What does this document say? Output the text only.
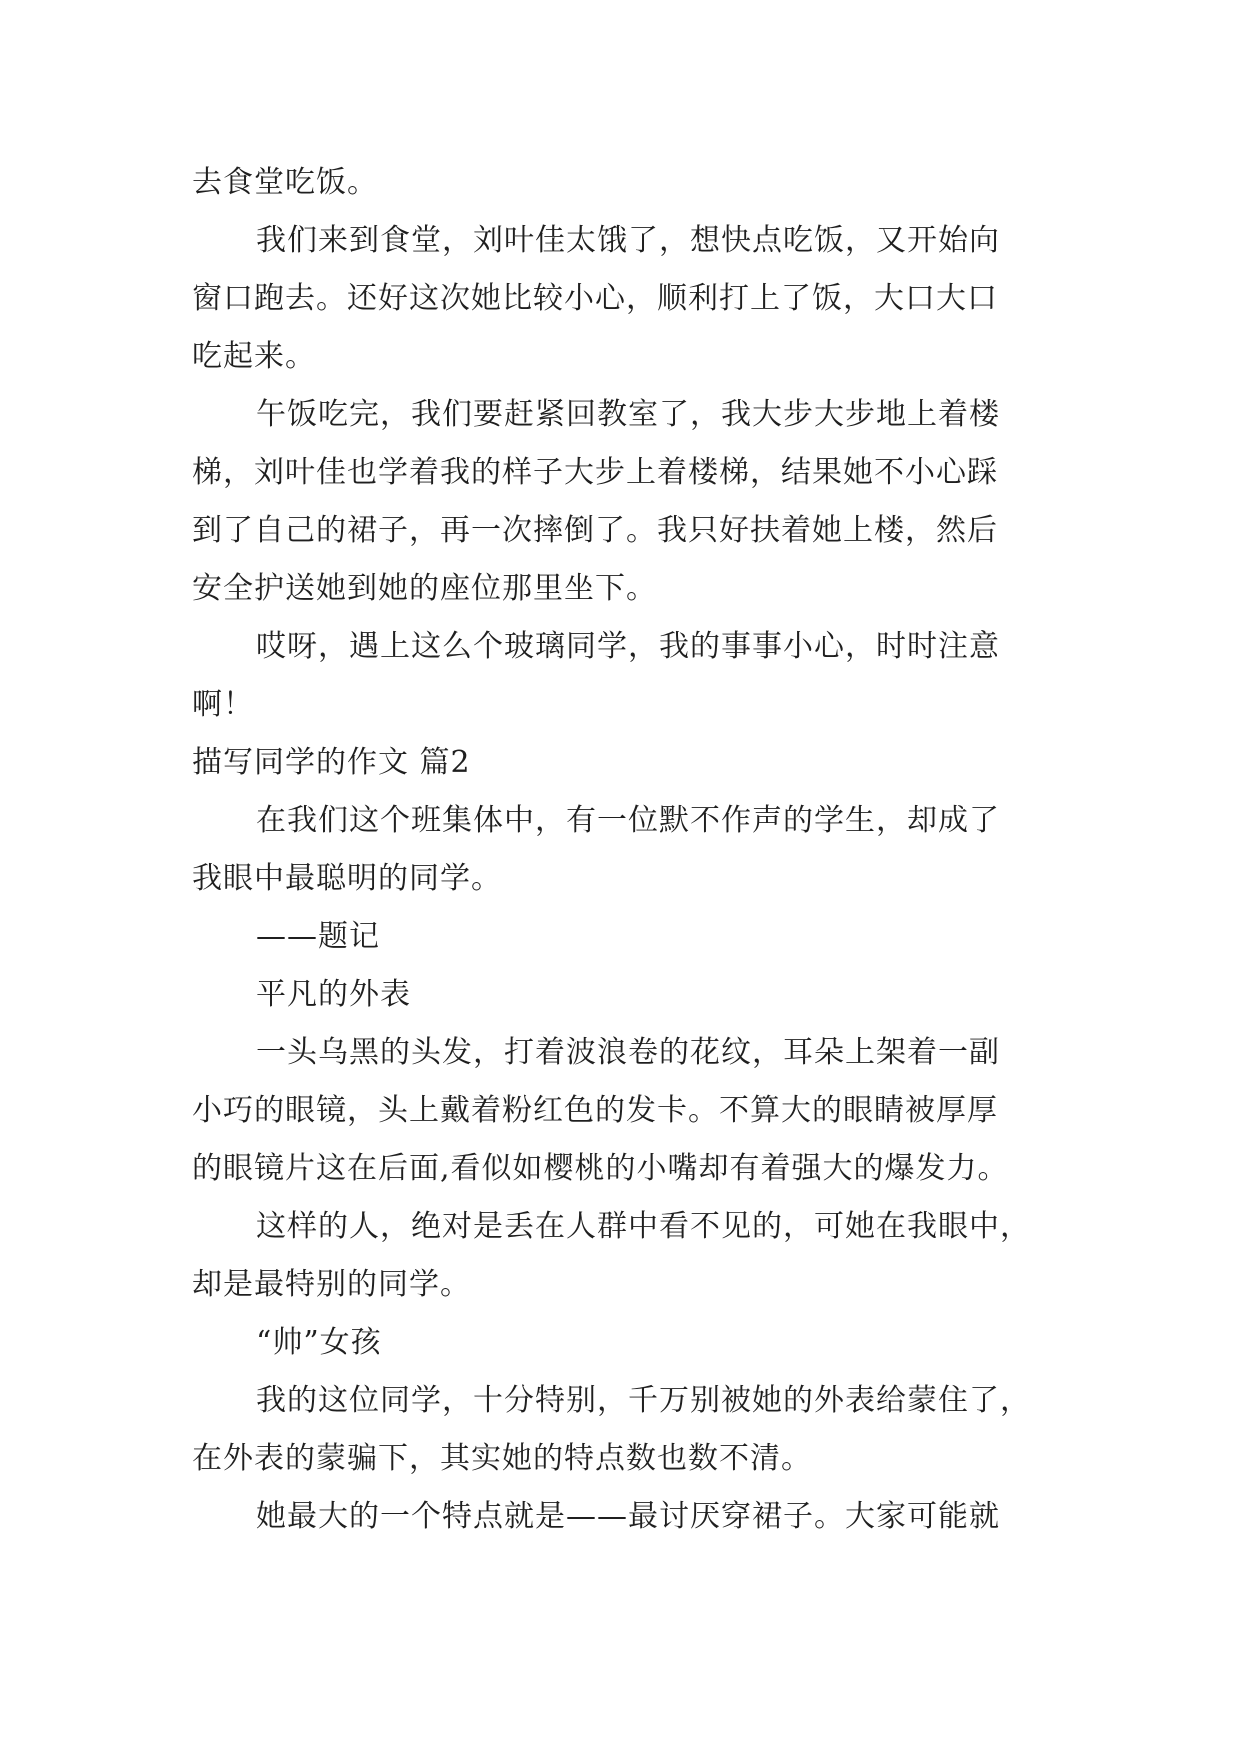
去食堂吃饭。
我们来到食堂，刘叶佳太饿了，想快点吃饭，又开始向
窗口跑去。还好这次她比较小心，顺利打上了饭，大口大口
吃起来。
午饭吃完，我们要赶紧回教室了，我大步大步地上着楼
梯，刘叶佳也学着我的样子大步上着楼梯，结果她不小心踩
到了自己的裙子，再一次摔倒了。我只好扶着她上楼，然后
安全护送她到她的座位那里坐下。
哎呀，遇上这么个玻璃同学，我的事事小心，时时注意
啊！
描写同学的作文 篇2
在我们这个班集体中，有一位默不作声的学生，却成了
我眼中最聪明的同学。
——题记
平凡的外表
一头乌黑的头发，打着波浪卷的花纹，耳朵上架着一副
小巧的眼镜，头上戴着粉红色的发卡。不算大的眼睛被厚厚
的眼镜片这在后面,看似如樱桃的小嘴却有着强大的爆发力。
这样的人，绝对是丢在人群中看不见的，可她在我眼中，
却是最特别的同学。
“帅”女孩
我的这位同学，十分特别，千万别被她的外表给蒙住了，
在外表的蒙骗下，其实她的特点数也数不清。
她最大的一个特点就是——最讨厌穿裙子。大家可能就
